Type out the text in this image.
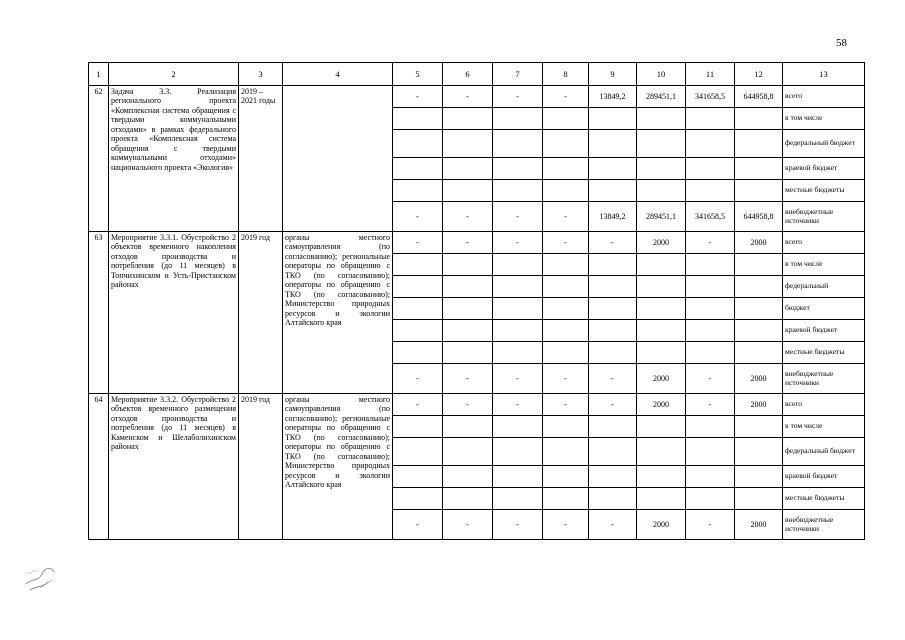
58
1	2	3	4	5	6	7	8	9	10	11	12	13
62	Задача 3.3. Реализация регионального проекта «Комплексная система обращения с твердыми коммунальными отходами» в рамках федерального проекта «Комплексная система обращения с твердыми коммунальными отходами» национального проекта «Экология»	2019 – 2021 годы		-	-	-	-	13849,2	289451,1	341658,5	644958,8	всего
												в том числе
												федеральный бюджет
												краевой бюджет
												местные бюджеты
				-	-	-	-	13849,2	289451,1	341658,5	644958,8	внебюджетные источники
63	Мероприятие 3.3.1. Обустройство 2 объектов временного накопления отходов производства и потребления (до 11 месяцев) в Топчихинском и Усть-Пристанском районах	2019 год	органы местного самоуправления (по согласованию); региональные операторы по обращению с ТКО (по согласованию); операторы по обращению с ТКО (по согласованию); Министерство природных ресурсов и экологии Алтайского края	-	-	-	-	-	2000	-	2000	всего
												в том числе
												федеральный
												бюджет
												краевой бюджет
												местные бюджеты
				-	-	-	-	-	2000	-	2000	внебюджетные источники
64	Мероприятие 3.3.2. Обустройство 2 объектов временного размещения отходов производства и потребления (до 11 месяцев) в Каменском и Шелаболихинском районах	2019 год	органы местного самоуправления (по согласованию); региональные операторы по обращению с ТКО (по согласованию); операторы по обращению с ТКО (по согласованию); Министерство природных ресурсов и экологии Алтайского края	-	-	-	-	-	2000	-	2000	всего
												в том числе
												федеральный бюджет
												краевой бюджет
												местные бюджеты
				-	-	-	-	-	2000	-	2000	внебюджетные источники
